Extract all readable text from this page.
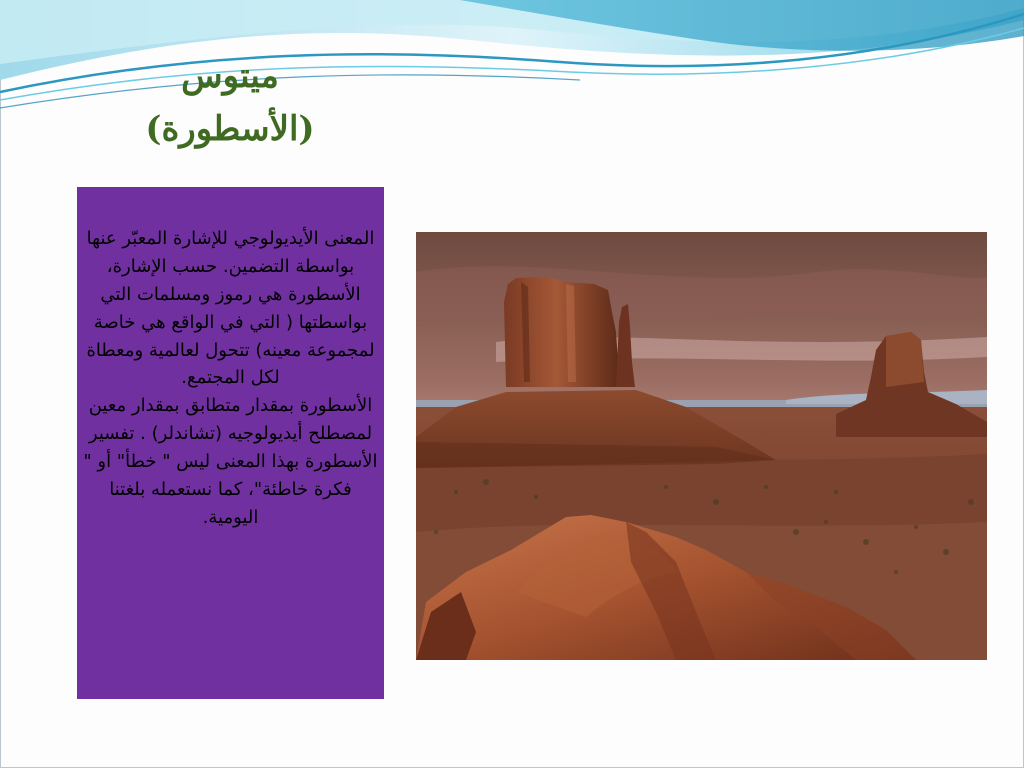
ميتوس
(الأسطورة)

المعنى الأيديولوجي للإشارة المعبّر عنها بواسطة التضمين. حسب الإشارة، الأسطورة هي رموز ومسلمات التي بواسطتها ( التي في الواقع هي خاصة لمجموعة معينه) تتحول لعالمية ومعطاة لكل المجتمع.

الأسطورة بمقدار متطابق بمقدار معين لمصطلح أيديولوجيه (تشاندلر) . تفسير الأسطورة بهذا المعنى ليس " خطأ" أو " فكرة خاطئة"، كما نستعمله بلغتنا اليومية.
